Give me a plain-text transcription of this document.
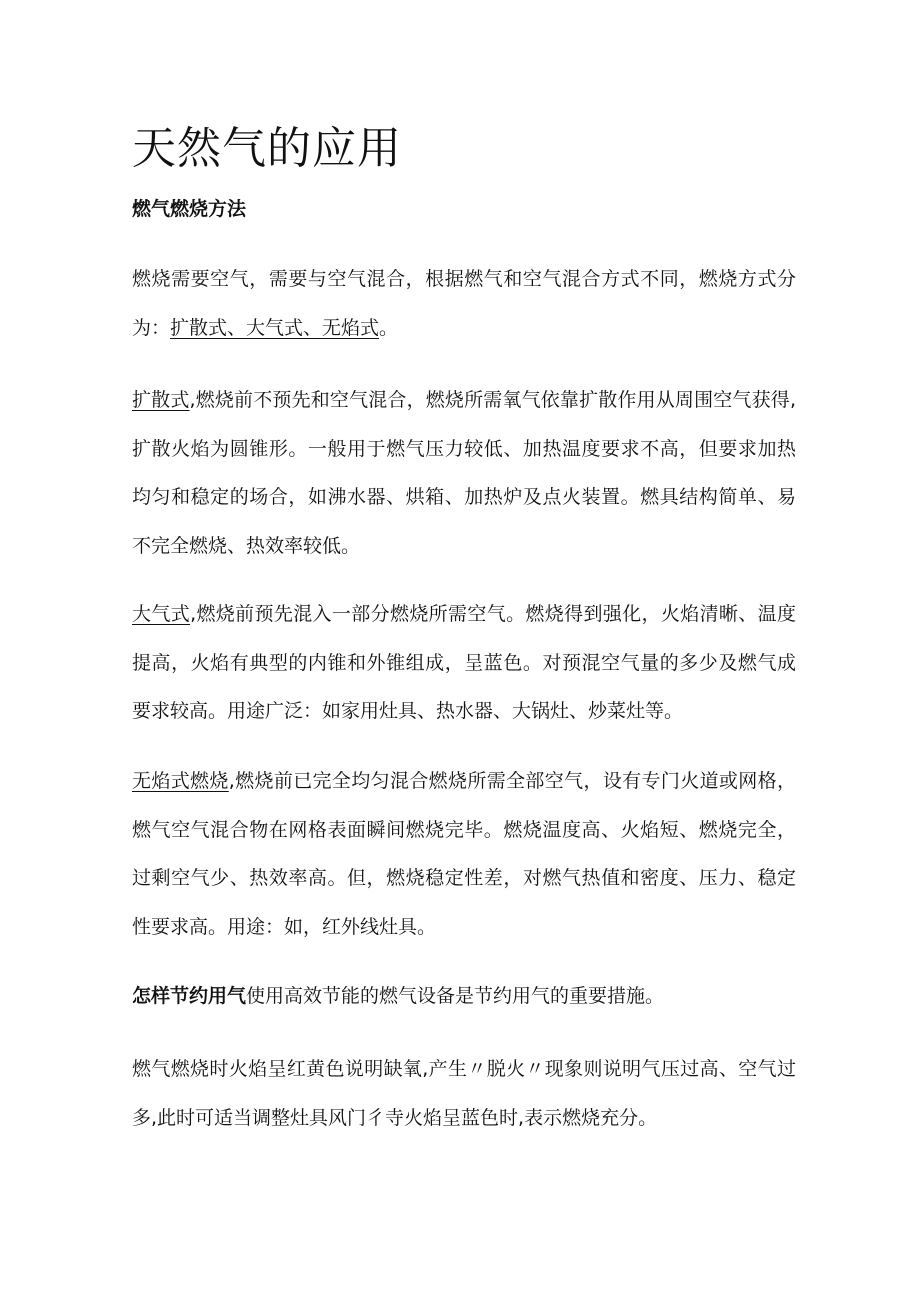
天然气的应用

燃气燃烧方法

燃烧需要空气，需要与空气混合，根据燃气和空气混合方式不同，燃烧方式分为：扩散式、大气式、无焰式。

扩散式,燃烧前不预先和空气混合，燃烧所需氧气依靠扩散作用从周围空气获得,扩散火焰为圆锥形。一般用于燃气压力较低、加热温度要求不高，但要求加热均匀和稳定的场合，如沸水器、烘箱、加热炉及点火装置。燃具结构简单、易不完全燃烧、热效率较低。

大气式,燃烧前预先混入一部分燃烧所需空气。燃烧得到强化，火焰清晰、温度提高，火焰有典型的内锥和外锥组成，呈蓝色。对预混空气量的多少及燃气成要求较高。用途广泛：如家用灶具、热水器、大锅灶、炒菜灶等。

无焰式燃烧,燃烧前已完全均匀混合燃烧所需全部空气，设有专门火道或网格，燃气空气混合物在网格表面瞬间燃烧完毕。燃烧温度高、火焰短、燃烧完全，过剩空气少、热效率高。但，燃烧稳定性差，对燃气热值和密度、压力、稳定性要求高。用途：如，红外线灶具。

怎样节约用气使用高效节能的燃气设备是节约用气的重要措施。

燃气燃烧时火焰呈红黄色说明缺氧,产生〃脱火〃现象则说明气压过高、空气过多,此时可适当调整灶具风门彳寺火焰呈蓝色时,表示燃烧充分。
